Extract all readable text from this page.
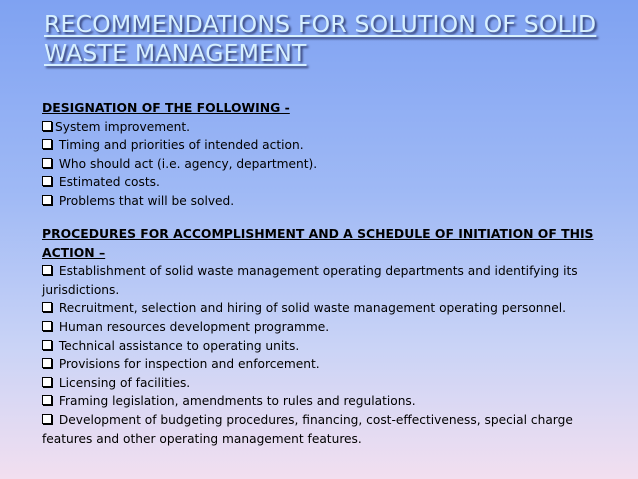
RECOMMENDATIONS FOR SOLUTION OF SOLID
WASTE MANAGEMENT
DESIGNATION OF THE FOLLOWING -
System improvement.
Timing and priorities of intended action.
Who should act (i.e. agency, department).
Estimated costs.
Problems that will be solved.
PROCEDURES FOR ACCOMPLISHMENT AND A SCHEDULE OF INITIATION OF THIS ACTION –
Establishment of solid waste management operating departments and identifying its jurisdictions.
Recruitment, selection and hiring of solid waste management operating personnel.
Human resources development programme.
Technical assistance to operating units.
Provisions for inspection and enforcement.
Licensing of facilities.
Framing legislation, amendments to rules and regulations.
Development of budgeting procedures, financing, cost-effectiveness, special charge features and other operating management features.
